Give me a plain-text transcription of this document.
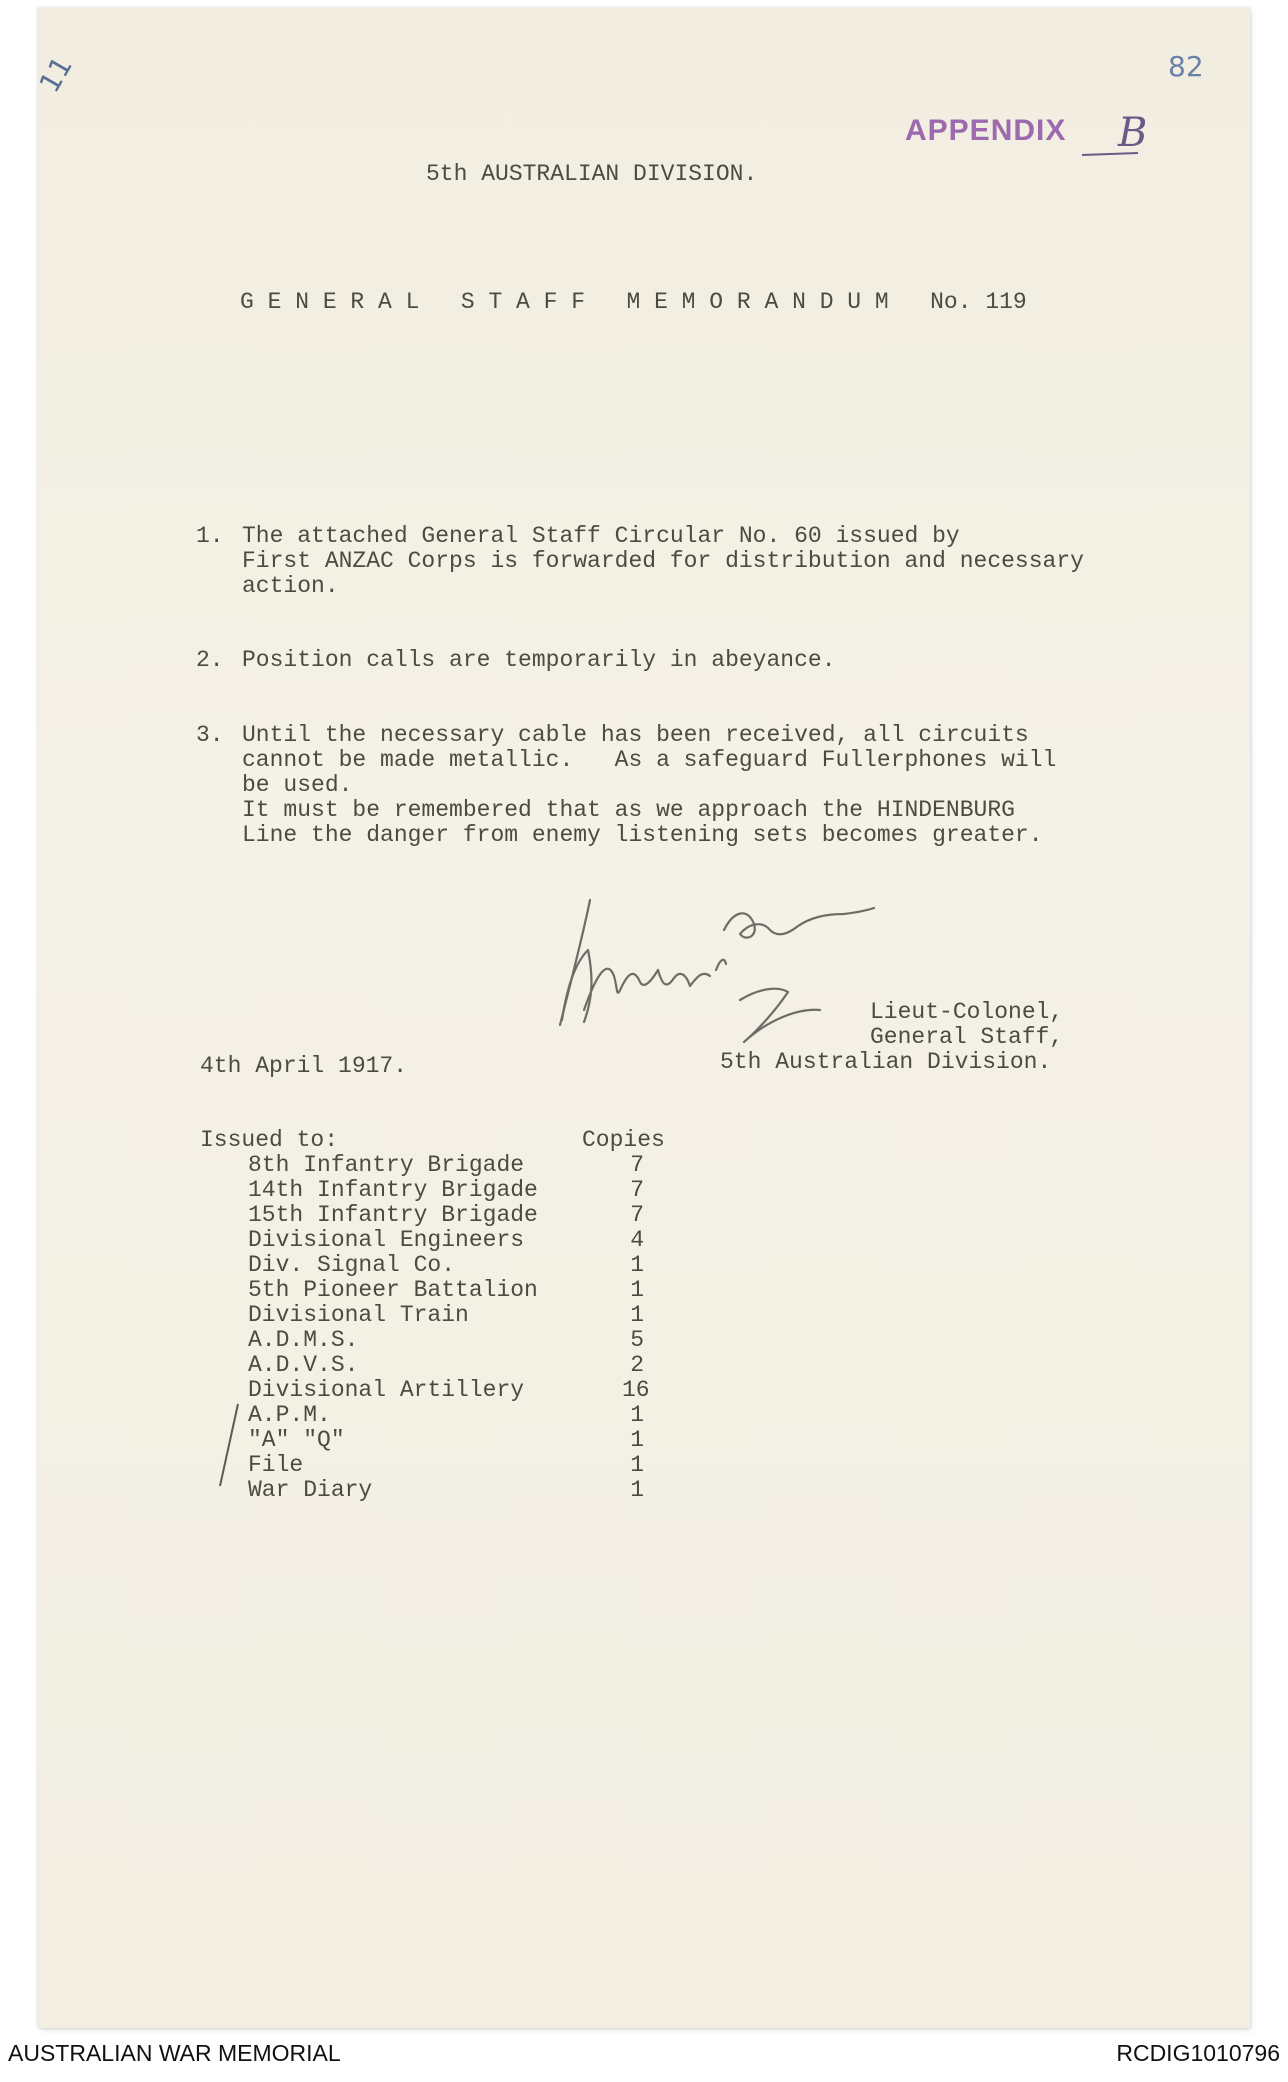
11	82
APPENDIX B
5th AUSTRALIAN DIVISION.
G E N E R A L   S T A F F   M E M O R A N D U M   No. 119
1. The attached General Staff Circular No. 60 issued by
First ANZAC Corps is forwarded for distribution and necessary
action.
2. Position calls are temporarily in abeyance.
3. Until the necessary cable has been received, all circuits
cannot be made metallic.   As a safeguard Fullerphones will
be used.
It must be remembered that as we approach the HINDENBURG
Line the danger from enemy listening sets becomes greater.
Lieut-Colonel,
General Staff,
5th Australian Division.
4th April 1917.
Issued to:	Copies
8th Infantry Brigade	7
14th Infantry Brigade	7
15th Infantry Brigade	7
Divisional Engineers	4
Div. Signal Co.	1
5th Pioneer Battalion	1
Divisional Train	1
A.D.M.S.	5
A.D.V.S.	2
Divisional Artillery	16
A.P.M.	1
"A" "Q"	1
File	1
War Diary	1
AUSTRALIAN WAR MEMORIAL	RCDIG1010796
